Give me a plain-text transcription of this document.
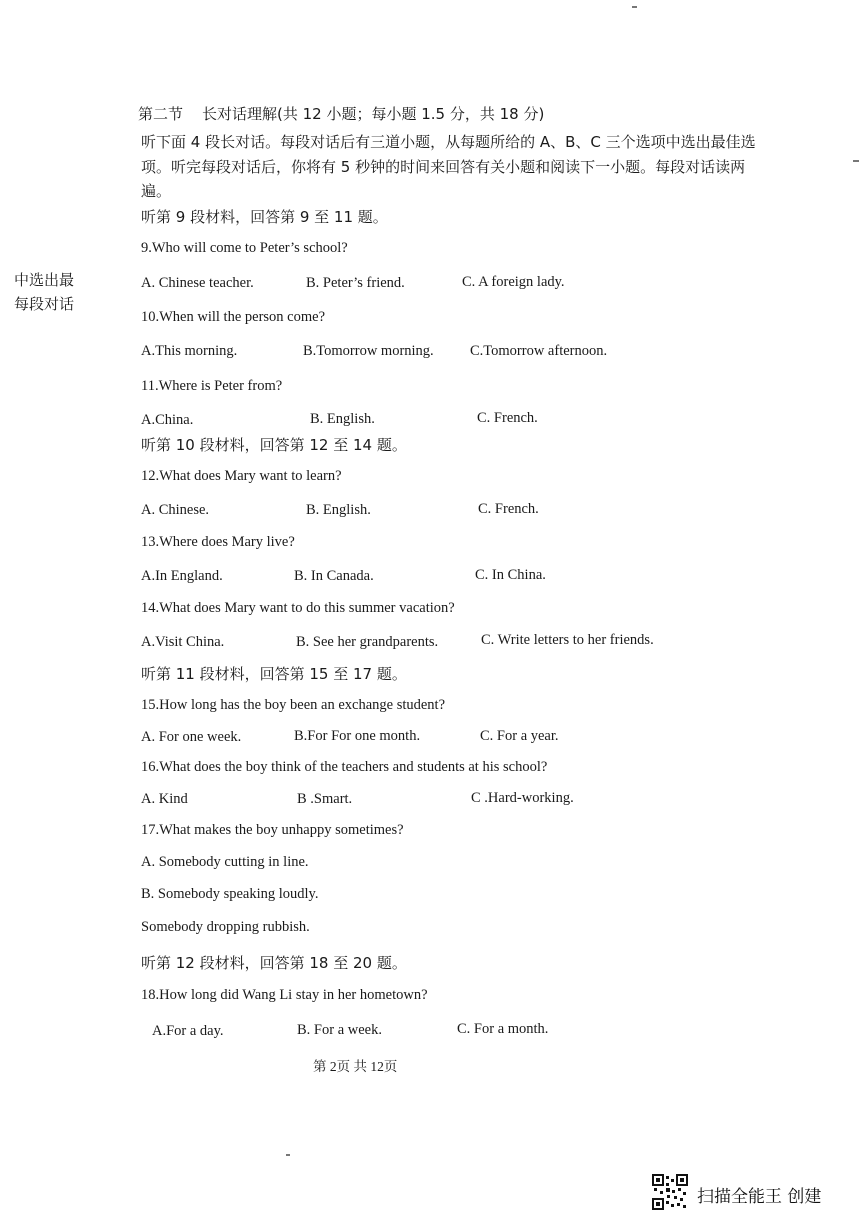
第二节 长对话理解(共 12 小题；每小题 1.5 分，共 18 分)
听下面 4 段长对话。每段对话后有三道小题，从每题所给的 A、B、C 三个选项中选出最佳选项。听完每段对话后，你将有 5 秒钟的时间来回答有关小题和阅读下一小题。每段对话读两遍。
中选出最
每段对话
听第 9 段材料，回答第 9 至 11 题。
9.Who will come to Peter’s school?
A. Chinese teacher.	B. Peter’s friend.	C. A foreign lady.
10.When will the person come?
A.This morning.	B.Tomorrow morning.	C.Tomorrow afternoon.
11.Where is Peter from?
A.China.	B. English.	C. French.
听第 10 段材料，回答第 12 至 14 题。
12.What does Mary want to learn?
A. Chinese.	B. English.	C. French.
13.Where does Mary live?
A.In England.	B. In Canada.	C. In China.
14.What does Mary want to do this summer vacation?
A.Visit China.	B. See her grandparents.	C. Write letters to her friends.
听第 11 段材料，回答第 15 至 17 题。
15.How long has the boy been an exchange student?
A. For one week.	B.For For one month.	C. For a year.
16.What does the boy think of the teachers and students at his school?
A. Kind	B .Smart.	C .Hard-working.
17.What makes the boy unhappy sometimes?
A. Somebody cutting in line.
B. Somebody speaking loudly.
Somebody dropping rubbish.
听第 12 段材料，回答第 18 至 20 题。
18.How long did Wang Li stay in her hometown?
A.For a day.	B. For a week.	C. For a month.
第 2页 共 12页
扫描全能王 创建
